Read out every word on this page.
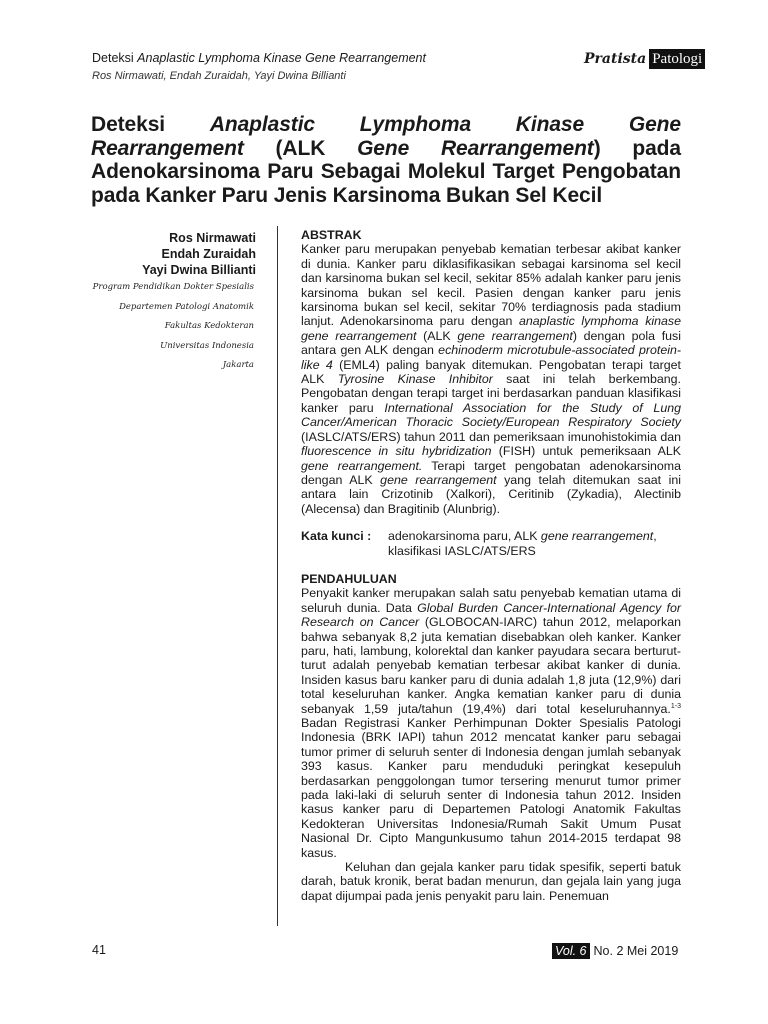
Deteksi Anaplastic Lymphoma Kinase Gene Rearrangement
Ros Nirmawati, Endah Zuraidah, Yayi Dwina Billianti
Pratista Patologi
Deteksi Anaplastic Lymphoma Kinase Gene Rearrangement (ALK Gene Rearrangement) pada Adenokarsinoma Paru Sebagai Molekul Target Pengobatan pada Kanker Paru Jenis Karsinoma Bukan Sel Kecil
Ros Nirmawati
Endah Zuraidah
Yayi Dwina Billianti
Program Pendidikan Dokter Spesialis
Departemen Patologi Anatomik
Fakultas Kedokteran
Universitas Indonesia
Jakarta
ABSTRAK

Kanker paru merupakan penyebab kematian terbesar akibat kanker di dunia. Kanker paru diklasifikasikan sebagai karsinoma sel kecil dan karsinoma bukan sel kecil, sekitar 85% adalah kanker paru jenis karsinoma bukan sel kecil. Pasien dengan kanker paru jenis karsinoma bukan sel kecil, sekitar 70% terdiagnosis pada stadium lanjut. Adenokarsinoma paru dengan anaplastic lymphoma kinase gene rearrangement (ALK gene rearrangement) dengan pola fusi antara gen ALK dengan echinoderm microtubule-associated protein-like 4 (EML4) paling banyak ditemukan. Pengobatan terapi target ALK Tyrosine Kinase Inhibitor saat ini telah berkembang. Pengobatan dengan terapi target ini berdasarkan panduan klasifikasi kanker paru International Association for the Study of Lung Cancer/American Thoracic Society/European Respiratory Society (IASLC/ATS/ERS) tahun 2011 dan pemeriksaan imunohistokimia dan fluorescence in situ hybridization (FISH) untuk pemeriksaan ALK gene rearrangement. Terapi target pengobatan adenokarsinoma dengan ALK gene rearrangement yang telah ditemukan saat ini antara lain Crizotinib (Xalkori), Ceritinib (Zykadia), Alectinib (Alecensa) dan Bragitinib (Alunbrig).

Kata kunci :	adenokarsinoma paru, ALK gene rearrangement, klasifikasi IASLC/ATS/ERS
PENDAHULUAN

Penyakit kanker merupakan salah satu penyebab kematian utama di seluruh dunia. Data Global Burden Cancer-International Agency for Research on Cancer (GLOBOCAN-IARC) tahun 2012, melaporkan bahwa sebanyak 8,2 juta kematian disebabkan oleh kanker. Kanker paru, hati, lambung, kolorektal dan kanker payudara secara berturut-turut adalah penyebab kematian terbesar akibat kanker di dunia. Insiden kasus baru kanker paru di dunia adalah 1,8 juta (12,9%) dari total keseluruhan kanker. Angka kematian kanker paru di dunia sebanyak 1,59 juta/tahun (19,4%) dari total keseluruhannya.$^{1-3}$ Badan Registrasi Kanker Perhimpunan Dokter Spesialis Patologi Indonesia (BRK IAPI) tahun 2012 mencatat kanker paru sebagai tumor primer di seluruh senter di Indonesia dengan jumlah sebanyak 393 kasus. Kanker paru menduduki peringkat kesepuluh berdasarkan penggolongan tumor tersering menurut tumor primer pada laki-laki di seluruh senter di Indonesia tahun 2012. Insiden kasus kanker paru di Departemen Patologi Anatomik Fakultas Kedokteran Universitas Indonesia/Rumah Sakit Umum Pusat Nasional Dr. Cipto Mangunkusumo tahun 2014-2015 terdapat 98 kasus.

Keluhan dan gejala kanker paru tidak spesifik, seperti batuk darah, batuk kronik, berat badan menurun, dan gejala lain yang juga dapat dijumpai pada jenis penyakit paru lain. Penemuan

41	Vol. 6 No. 2 Mei 2019
